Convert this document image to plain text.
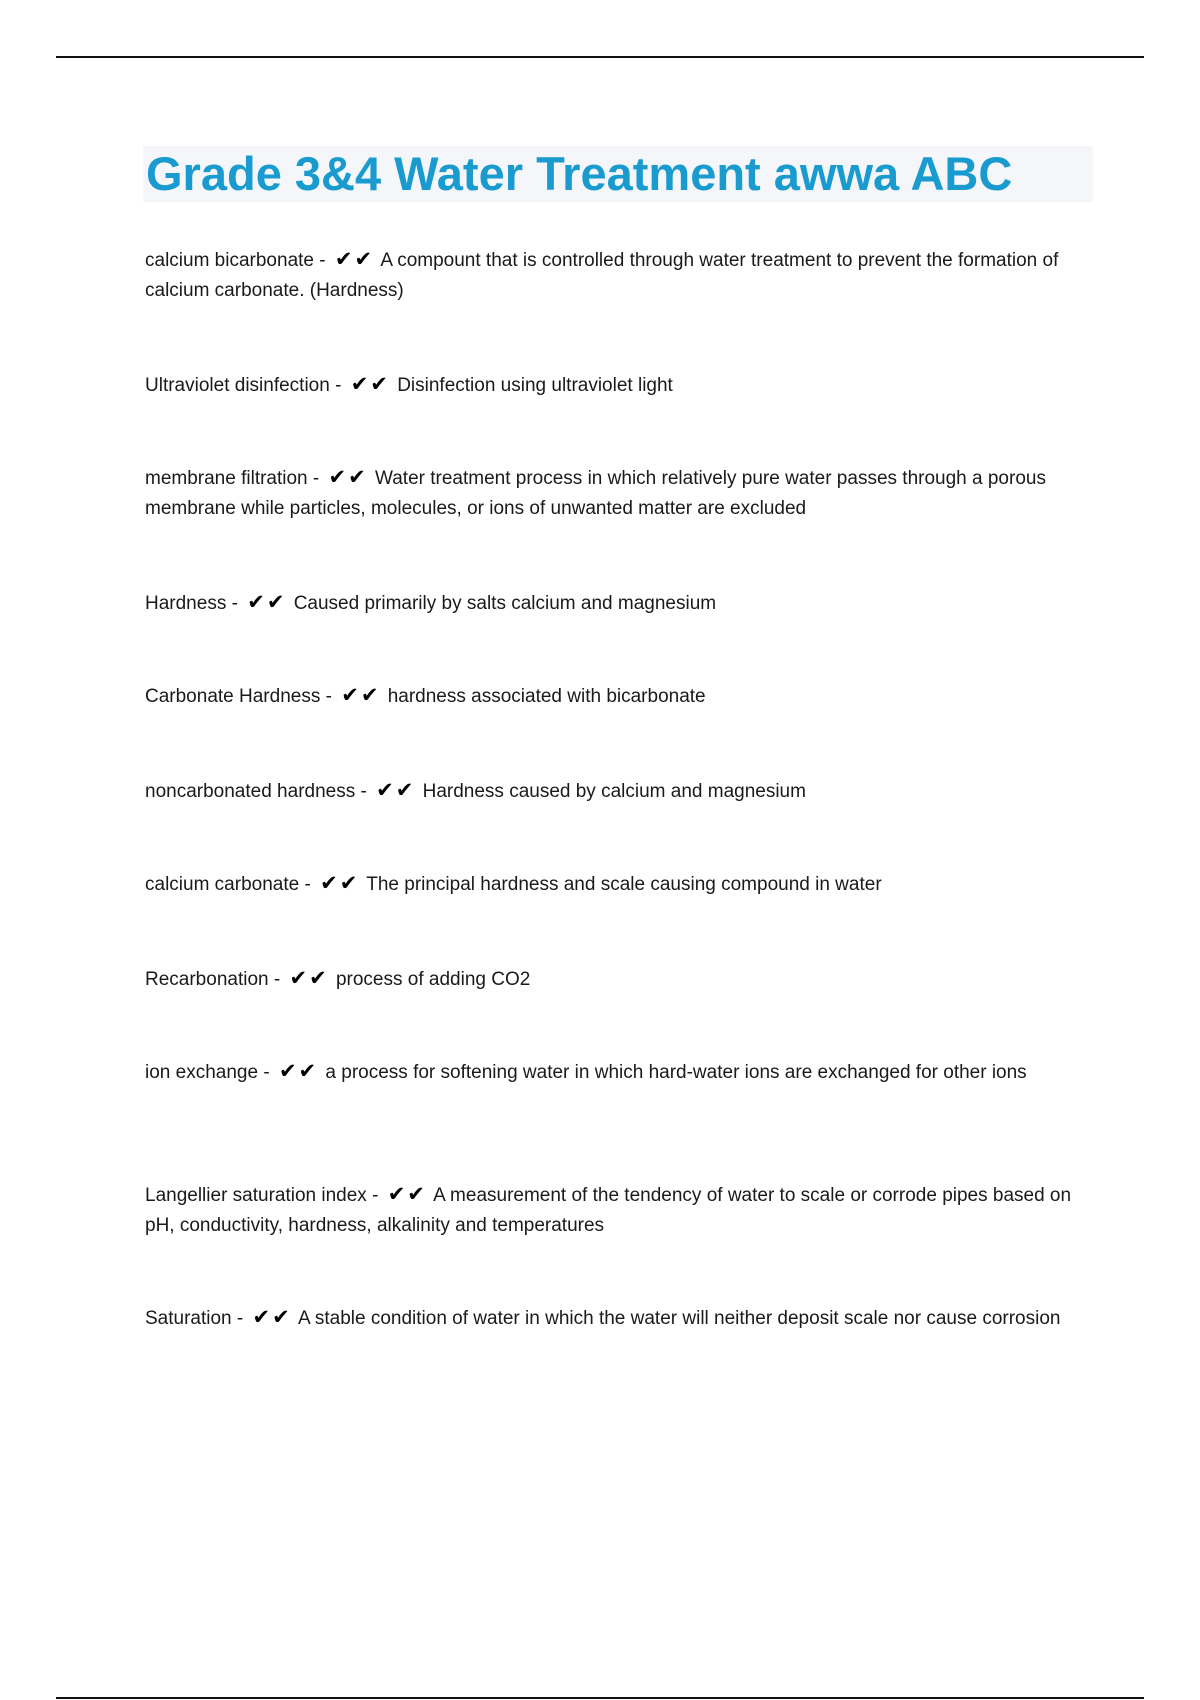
Grade 3&4 Water Treatment awwa ABC
calcium bicarbonate - ✔✔ A compount that is controlled through water treatment to prevent the formation of calcium carbonate. (Hardness)
Ultraviolet disinfection - ✔✔ Disinfection using ultraviolet light
membrane filtration - ✔✔ Water treatment process in which relatively pure water passes through a porous membrane while particles, molecules, or ions of unwanted matter are excluded
Hardness - ✔✔ Caused primarily by salts calcium and magnesium
Carbonate Hardness - ✔✔ hardness associated with bicarbonate
noncarbonated hardness - ✔✔ Hardness caused by calcium and magnesium
calcium carbonate - ✔✔ The principal hardness and scale causing compound in water
Recarbonation - ✔✔ process of adding CO2
ion exchange - ✔✔ a process for softening water in which hard-water ions are exchanged for other ions
Langellier saturation index - ✔✔ A measurement of the tendency of water to scale or corrode pipes based on pH, conductivity, hardness, alkalinity and temperatures
Saturation - ✔✔ A stable condition of water in which the water will neither deposit scale nor cause corrosion
